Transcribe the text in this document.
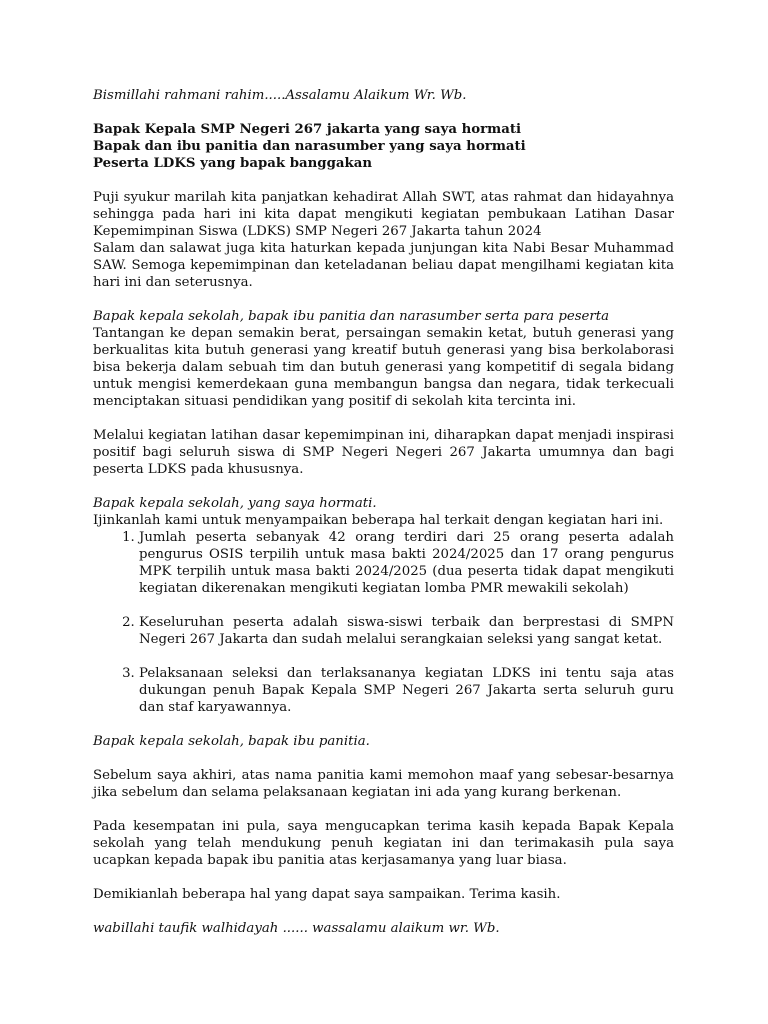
Bismillahi rahmani rahim.....Assalamu Alaikum Wr. Wb.

Bapak Kepala SMP Negeri 267 jakarta yang saya hormati

Bapak dan ibu panitia dan narasumber yang saya hormati

Peserta LDKS yang bapak banggakan

Puji syukur marilah kita panjatkan kehadirat Allah SWT, atas rahmat dan hidayahnya sehingga pada hari ini kita dapat mengikuti kegiatan pembukaan Latihan Dasar Kepemimpinan Siswa (LDKS) SMP Negeri 267 Jakarta tahun 2024

Salam dan salawat juga kita haturkan kepada junjungan kita Nabi Besar Muhammad SAW. Semoga kepemimpinan dan keteladanan beliau dapat mengilhami kegiatan kita hari ini dan seterusnya.

Bapak kepala sekolah, bapak ibu panitia dan narasumber serta para peserta

Tantangan ke depan semakin berat, persaingan semakin ketat, butuh generasi yang berkualitas kita butuh generasi yang kreatif butuh generasi yang bisa berkolaborasi bisa bekerja dalam sebuah tim dan butuh generasi yang kompetitif di segala bidang untuk mengisi kemerdekaan guna membangun bangsa dan negara, tidak terkecuali menciptakan situasi pendidikan yang positif di sekolah kita tercinta ini.

Melalui kegiatan latihan dasar kepemimpinan ini, diharapkan dapat menjadi inspirasi positif bagi seluruh siswa di SMP Negeri Negeri 267 Jakarta umumnya dan bagi peserta LDKS pada khususnya.

Bapak kepala sekolah, yang saya hormati.

Ijinkanlah kami untuk menyampaikan beberapa hal terkait dengan kegiatan hari ini.

1. Jumlah peserta sebanyak 42 orang terdiri dari 25 orang peserta adalah pengurus OSIS terpilih untuk masa bakti 2024/2025 dan 17 orang pengurus MPK terpilih untuk masa bakti 2024/2025 (dua peserta tidak dapat mengikuti kegiatan dikerenakan mengikuti kegiatan lomba PMR mewakili sekolah)
2. Keseluruhan peserta adalah siswa-siswi terbaik dan berprestasi di SMPN Negeri 267 Jakarta dan sudah melalui serangkaian seleksi yang sangat ketat.
3. Pelaksanaan seleksi dan terlaksananya kegiatan LDKS ini tentu saja atas dukungan penuh Bapak Kepala SMP Negeri 267 Jakarta serta seluruh guru dan staf karyawannya.

Bapak kepala sekolah, bapak ibu panitia.

Sebelum saya akhiri, atas nama panitia kami memohon maaf yang sebesar-besarnya jika sebelum dan selama pelaksanaan kegiatan ini ada yang kurang berkenan.

Pada kesempatan ini pula, saya mengucapkan terima kasih kepada Bapak Kepala sekolah yang telah mendukung penuh kegiatan ini dan terimakasih pula saya ucapkan kepada bapak ibu panitia atas kerjasamanya yang luar biasa.

Demikianlah beberapa hal yang dapat saya sampaikan. Terima kasih.

wabillahi taufik walhidayah ...... wassalamu alaikum wr. Wb.
